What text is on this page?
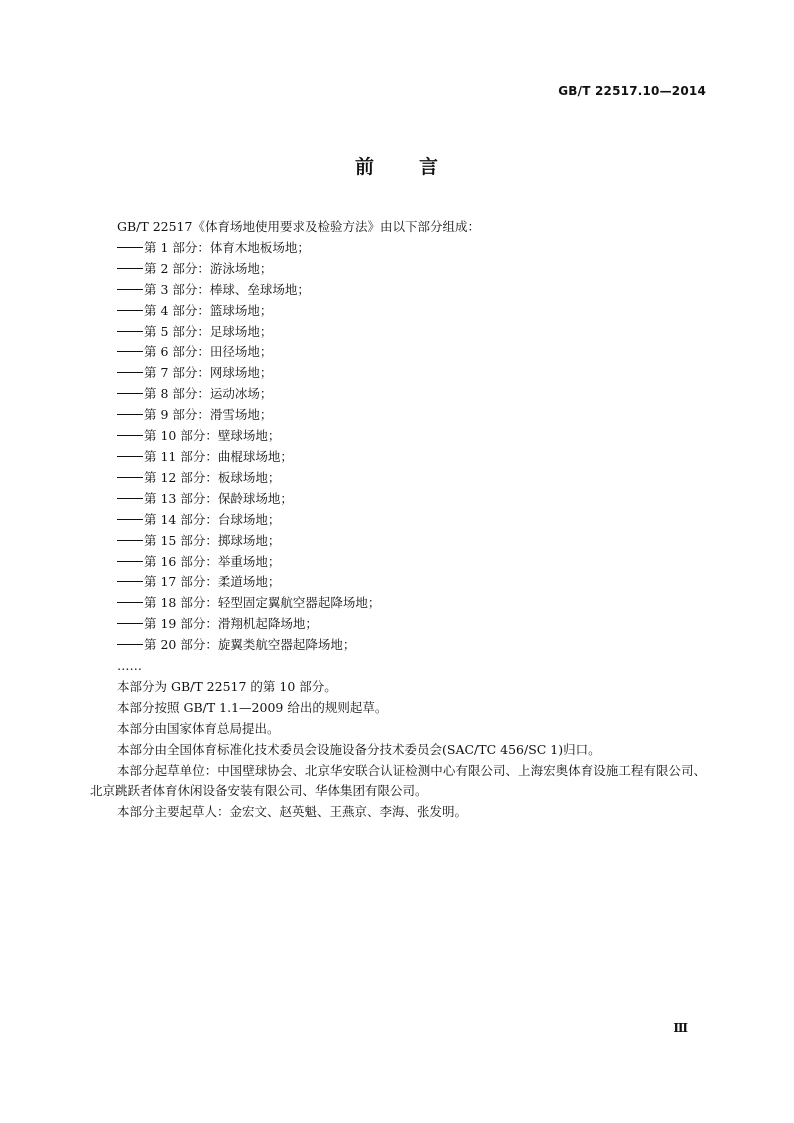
GB/T 22517.10—2014
前 言
GB/T 22517《体育场地使用要求及检验方法》由以下部分组成：
第 1 部分：体育木地板场地；
第 2 部分：游泳场地；
第 3 部分：棒球、垒球场地；
第 4 部分：篮球场地；
第 5 部分：足球场地；
第 6 部分：田径场地；
第 7 部分：网球场地；
第 8 部分：运动冰场；
第 9 部分：滑雪场地；
第 10 部分：壁球场地；
第 11 部分：曲棍球场地；
第 12 部分：板球场地；
第 13 部分：保龄球场地；
第 14 部分：台球场地；
第 15 部分：掷球场地；
第 16 部分：举重场地；
第 17 部分：柔道场地；
第 18 部分：轻型固定翼航空器起降场地；
第 19 部分：滑翔机起降场地；
第 20 部分：旋翼类航空器起降场地；
……
本部分为 GB/T 22517 的第 10 部分。
本部分按照 GB/T 1.1—2009 给出的规则起草。
本部分由国家体育总局提出。
本部分由全国体育标准化技术委员会设施设备分技术委员会(SAC/TC 456/SC 1)归口。
本部分起草单位：中国壁球协会、北京华安联合认证检测中心有限公司、上海宏奥体育设施工程有限公司、北京跳跃者体育休闲设备安装有限公司、华体集团有限公司。
本部分主要起草人：金宏文、赵英魁、王燕京、李海、张发明。
Ⅲ
